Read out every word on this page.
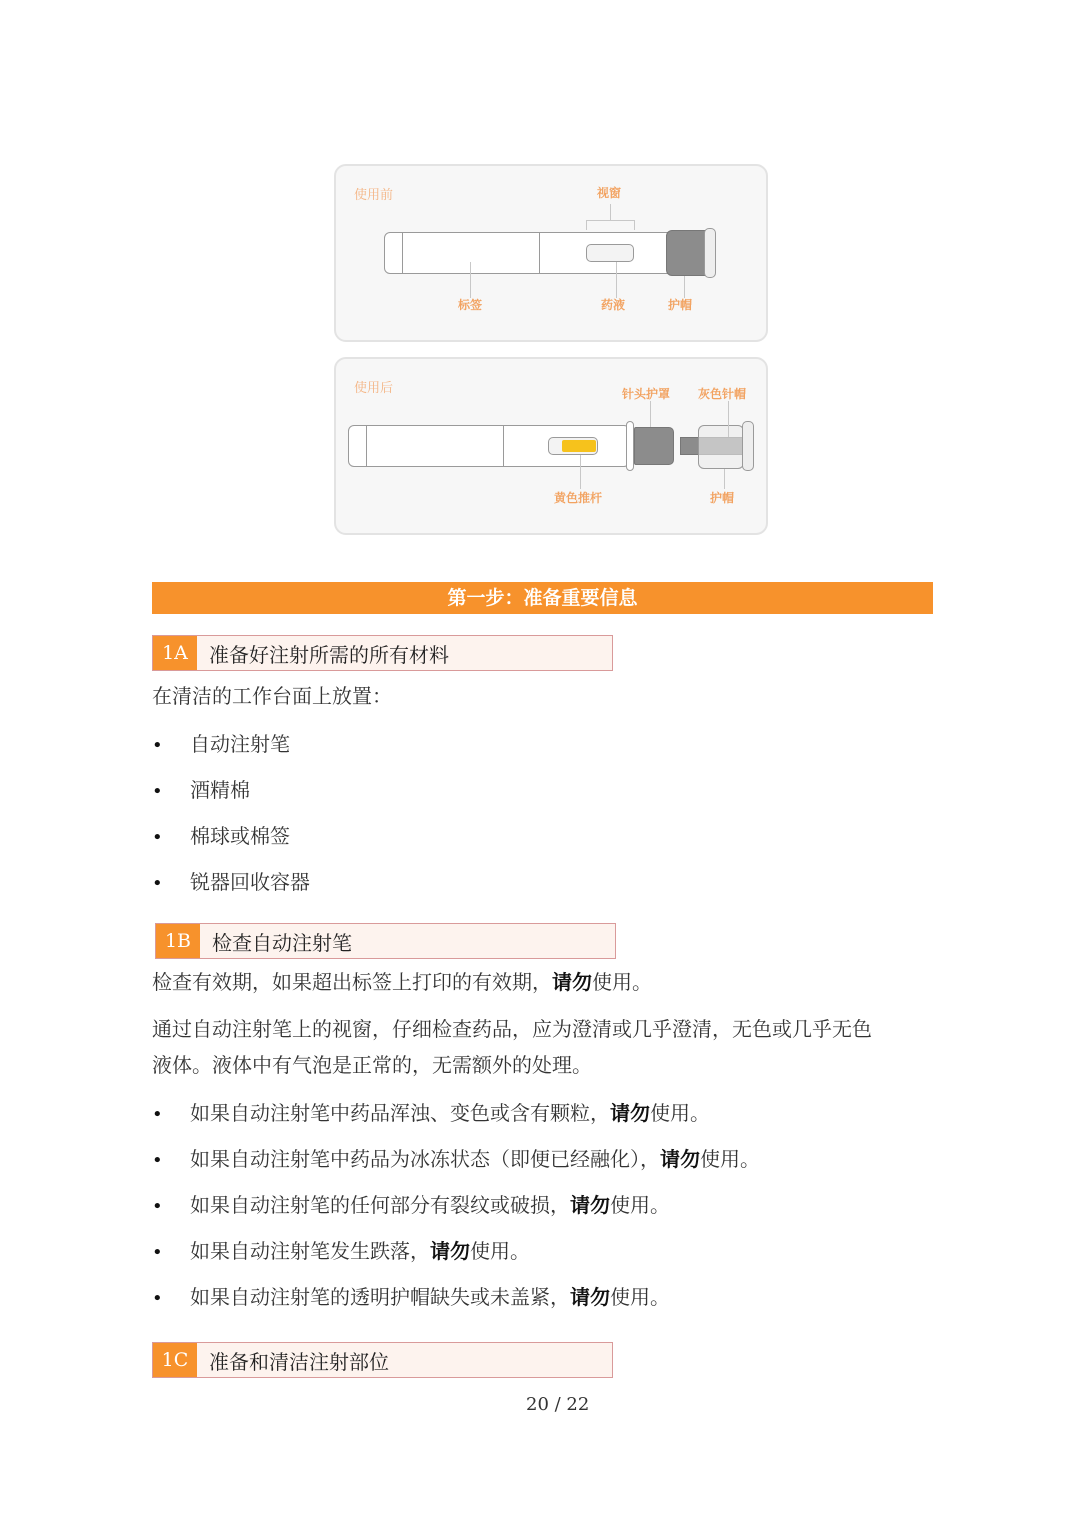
使用前	视窗
标签	药液	护帽
使用后	针头护罩 灰色针帽
黄色推杆	护帽
第一步：准备重要信息
1A	准备好注射所需的所有材料
在清洁的工作台面上放置：
• 自动注射笔
• 酒精棉
• 棉球或棉签
• 锐器回收容器
1B	检查自动注射笔
检查有效期，如果超出标签上打印的有效期，请勿使用。
通过自动注射笔上的视窗，仔细检查药品，应为澄清或几乎澄清，无色或几乎无色
液体。液体中有气泡是正常的，无需额外的处理。
• 如果自动注射笔中药品浑浊、变色或含有颗粒，请勿使用。
• 如果自动注射笔中药品为冰冻状态（即便已经融化），请勿使用。
• 如果自动注射笔的任何部分有裂纹或破损，请勿使用。
• 如果自动注射笔发生跌落，请勿使用。
• 如果自动注射笔的透明护帽缺失或未盖紧，请勿使用。
1C	准备和清洁注射部位
20 / 22
